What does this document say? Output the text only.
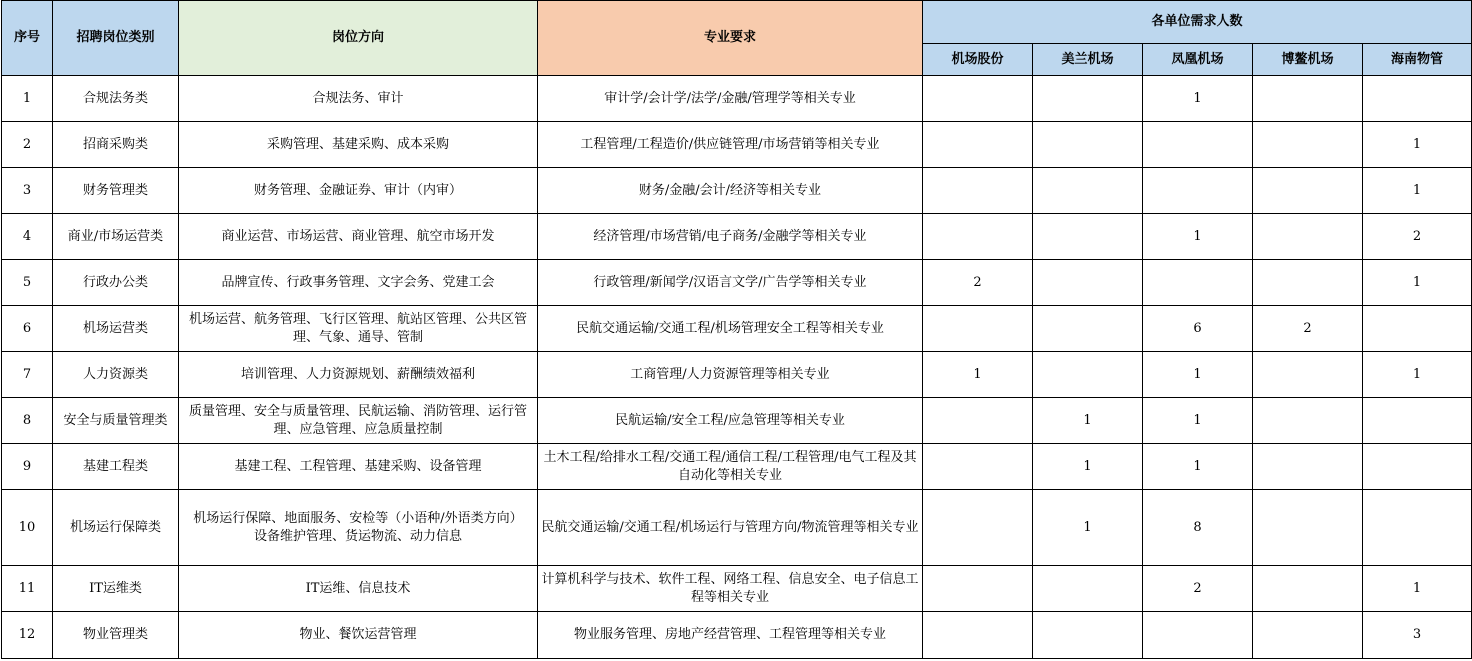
序号	招聘岗位类别	岗位方向	专业要求	各单位需求人数				
				机场股份	美兰机场	凤凰机场	博鳌机场	海南物管
1	合规法务类	合规法务、审计	审计学/会计学/法学/金融/管理学等相关专业			1		
2	招商采购类	采购管理、基建采购、成本采购	工程管理/工程造价/供应链管理/市场营销等相关专业					1
3	财务管理类	财务管理、金融证券、审计（内审）	财务/金融/会计/经济等相关专业					1
4	商业/市场运营类	商业运营、市场运营、商业管理、航空市场开发	经济管理/市场营销/电子商务/金融学等相关专业			1		2
5	行政办公类	品牌宣传、行政事务管理、文字会务、党建工会	行政管理/新闻学/汉语言文学/广告学等相关专业	2				1
6	机场运营类	机场运营、航务管理、飞行区管理、航站区管理、公共区管理、气象、通导、管制	民航交通运输/交通工程/机场管理安全工程等相关专业			6	2	
7	人力资源类	培训管理、人力资源规划、薪酬绩效福利	工商管理/人力资源管理等相关专业	1		1		1
8	安全与质量管理类	质量管理、安全与质量管理、民航运输、消防管理、运行管理、应急管理、应急质量控制	民航运输/安全工程/应急管理等相关专业		1	1		
9	基建工程类	基建工程、工程管理、基建采购、设备管理	土木工程/给排水工程/交通工程/通信工程/工程管理/电气工程及其自动化等相关专业		1	1		
10	机场运行保障类	机场运行保障、地面服务、安检等（小语种/外语类方向）
设备维护管理、货运物流、动力信息	民航交通运输/交通工程/机场运行与管理方向/物流管理等相关专业		1	8		
11	IT运维类	IT运维、信息技术	计算机科学与技术、软件工程、网络工程、信息安全、电子信息工程等相关专业			2		1
12	物业管理类	物业、餐饮运营管理	物业服务管理、房地产经营管理、工程管理等相关专业					3
